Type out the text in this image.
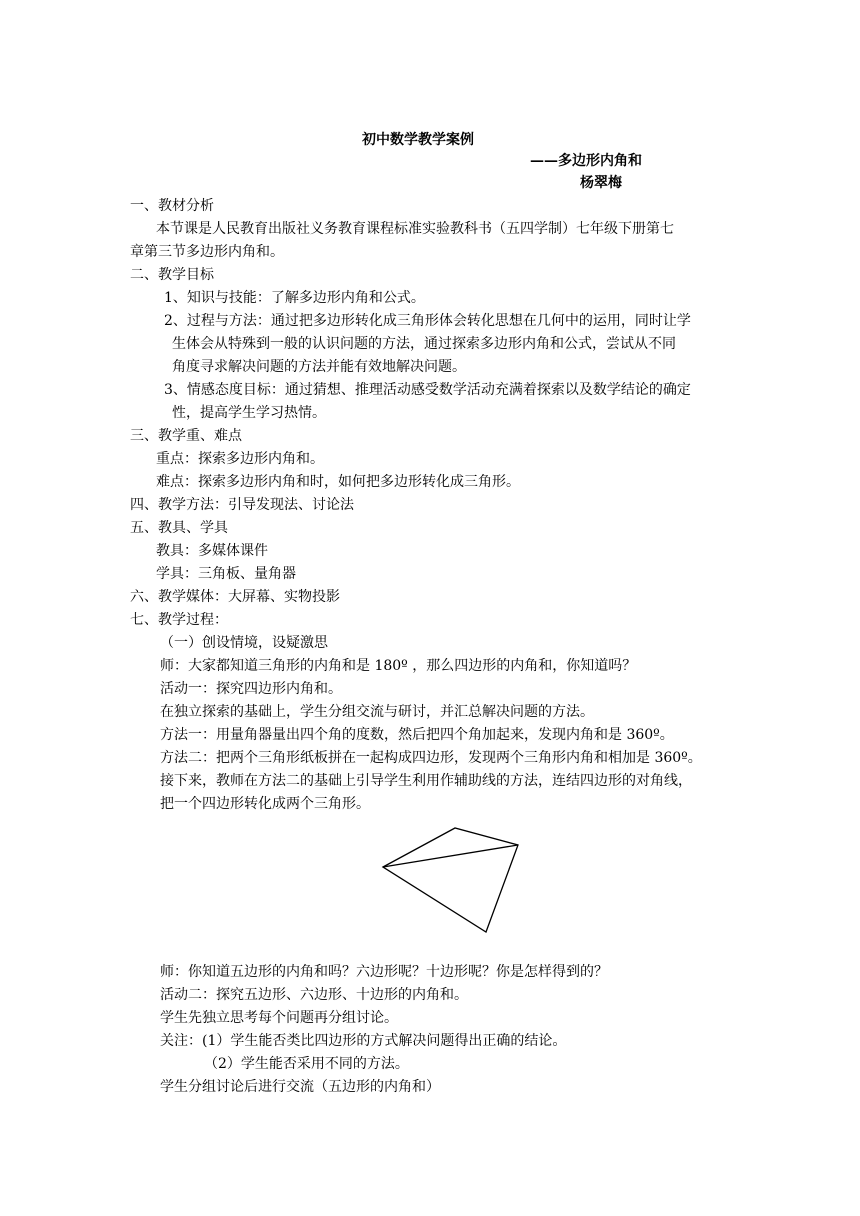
初中数学教学案例
——多边形内角和
杨翠梅
一、教材分析
本节课是人民教育出版社义务教育课程标准实验教科书（五四学制）七年级下册第七
章第三节多边形内角和。
二、教学目标
1、知识与技能：了解多边形内角和公式。
2、过程与方法：通过把多边形转化成三角形体会转化思想在几何中的运用，同时让学
生体会从特殊到一般的认识问题的方法，通过探索多边形内角和公式，尝试从不同
角度寻求解决问题的方法并能有效地解决问题。
3、情感态度目标：通过猜想、推理活动感受数学活动充满着探索以及数学结论的确定
性，提高学生学习热情。
三、教学重、难点
重点：探索多边形内角和。
难点：探索多边形内角和时，如何把多边形转化成三角形。
四、教学方法：引导发现法、讨论法
五、教具、学具
教具：多媒体课件
学具：三角板、量角器
六、教学媒体：大屏幕、实物投影
七、教学过程：
（一）创设情境，设疑激思
师：大家都知道三角形的内角和是 180º ，那么四边形的内角和，你知道吗？
活动一：探究四边形内角和。
在独立探索的基础上，学生分组交流与研讨，并汇总解决问题的方法。
方法一：用量角器量出四个角的度数，然后把四个角加起来，发现内角和是 360º。
方法二：把两个三角形纸板拼在一起构成四边形，发现两个三角形内角和相加是 360º。
接下来，教师在方法二的基础上引导学生利用作辅助线的方法，连结四边形的对角线，
把一个四边形转化成两个三角形。
师：你知道五边形的内角和吗？六边形呢？十边形呢？你是怎样得到的？
活动二：探究五边形、六边形、十边形的内角和。
学生先独立思考每个问题再分组讨论。
关注：(1）学生能否类比四边形的方式解决问题得出正确的结论。
（2）学生能否采用不同的方法。
学生分组讨论后进行交流（五边形的内角和）
